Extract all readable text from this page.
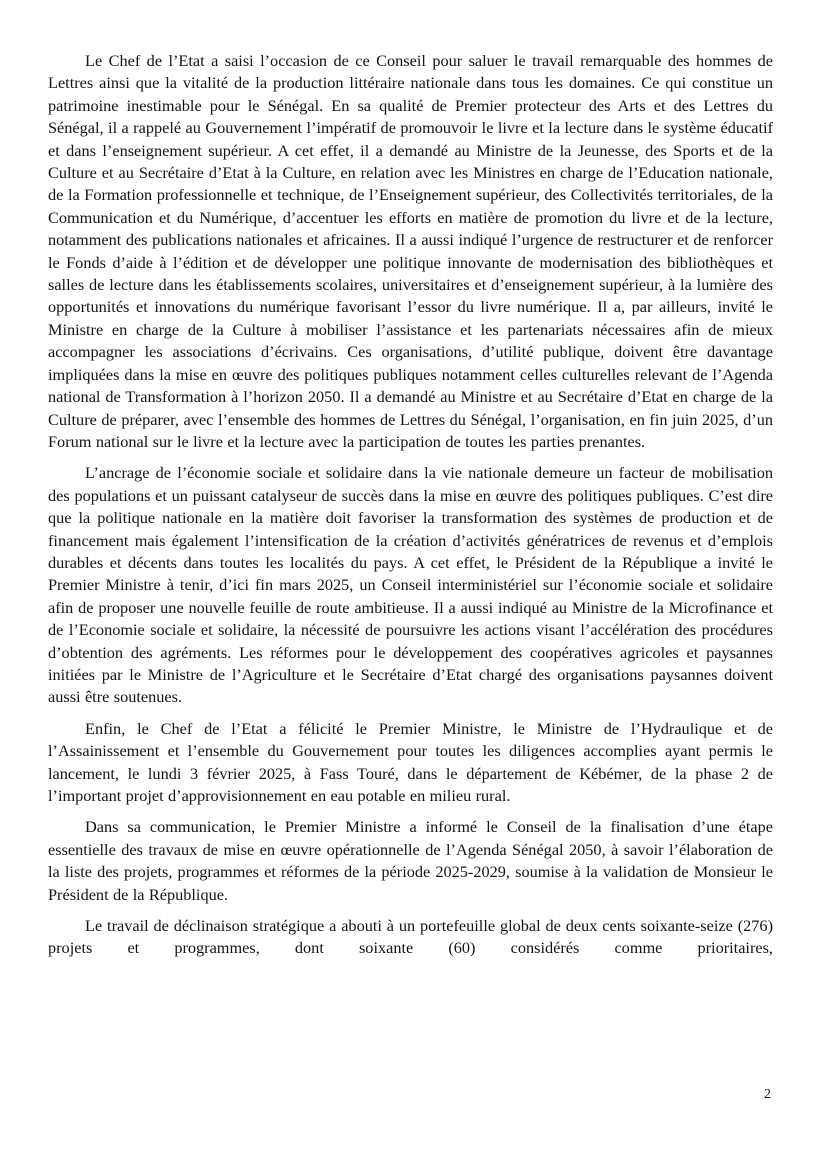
Le Chef de l’Etat a saisi l’occasion de ce Conseil pour saluer le travail remarquable des hommes de Lettres ainsi que la vitalité de la production littéraire nationale dans tous les domaines. Ce qui constitue un patrimoine inestimable pour le Sénégal. En sa qualité de Premier protecteur des Arts et des Lettres du Sénégal, il a rappelé au Gouvernement l’impératif de promouvoir le livre et la lecture dans le système éducatif et dans l’enseignement supérieur. A cet effet, il a demandé au Ministre de la Jeunesse, des Sports et de la Culture et au Secrétaire d’Etat à la Culture, en relation avec les Ministres en charge de l’Education nationale, de la Formation professionnelle et technique, de l’Enseignement supérieur, des Collectivités territoriales, de la Communication et du Numérique, d’accentuer les efforts en matière de promotion du livre et de la lecture, notamment des publications nationales et africaines. Il a aussi indiqué l’urgence de restructurer et de renforcer le Fonds d’aide à l’édition et de développer une politique innovante de modernisation des bibliothèques et salles de lecture dans les établissements scolaires, universitaires et d’enseignement supérieur, à la lumière des opportunités et innovations du numérique favorisant l’essor du livre numérique. Il a, par ailleurs, invité le Ministre en charge de la Culture à mobiliser l’assistance et les partenariats nécessaires afin de mieux accompagner les associations d’écrivains. Ces organisations, d’utilité publique, doivent être davantage impliquées dans la mise en œuvre des politiques publiques notamment celles culturelles relevant de l’Agenda national de Transformation à l’horizon 2050. Il a demandé au Ministre et au Secrétaire d’Etat en charge de la Culture de préparer, avec l’ensemble des hommes de Lettres du Sénégal, l’organisation, en fin juin 2025, d’un Forum national sur le livre et la lecture avec la participation de toutes les parties prenantes.

L’ancrage de l’économie sociale et solidaire dans la vie nationale demeure un facteur de mobilisation des populations et un puissant catalyseur de succès dans la mise en œuvre des politiques publiques. C’est dire que la politique nationale en la matière doit favoriser la transformation des systèmes de production et de financement mais également l’intensification de la création d’activités génératrices de revenus et d’emplois durables et décents dans toutes les localités du pays. A cet effet, le Président de la République a invité le Premier Ministre à tenir, d’ici fin mars 2025, un Conseil interministériel sur l’économie sociale et solidaire afin de proposer une nouvelle feuille de route ambitieuse. Il a aussi indiqué au Ministre de la Microfinance et de l’Economie sociale et solidaire, la nécessité de poursuivre les actions visant l’accélération des procédures d’obtention des agréments. Les réformes pour le développement des coopératives agricoles et paysannes initiées par le Ministre de l’Agriculture et le Secrétaire d’Etat chargé des organisations paysannes doivent aussi être soutenues.

Enfin, le Chef de l’Etat a félicité le Premier Ministre, le Ministre de l’Hydraulique et de l’Assainissement et l’ensemble du Gouvernement pour toutes les diligences accomplies ayant permis le lancement, le lundi 3 février 2025, à Fass Touré, dans le département de Kébémer, de la phase 2 de l’important projet d’approvisionnement en eau potable en milieu rural.

Dans sa communication, le Premier Ministre a informé le Conseil de la finalisation d’une étape essentielle des travaux de mise en œuvre opérationnelle de l’Agenda Sénégal 2050, à savoir l’élaboration de la liste des projets, programmes et réformes de la période 2025-2029, soumise à la validation de Monsieur le Président de la République.

Le travail de déclinaison stratégique a abouti à un portefeuille global de deux cents soixante-seize (276) projets et programmes, dont soixante (60) considérés comme prioritaires,

2
